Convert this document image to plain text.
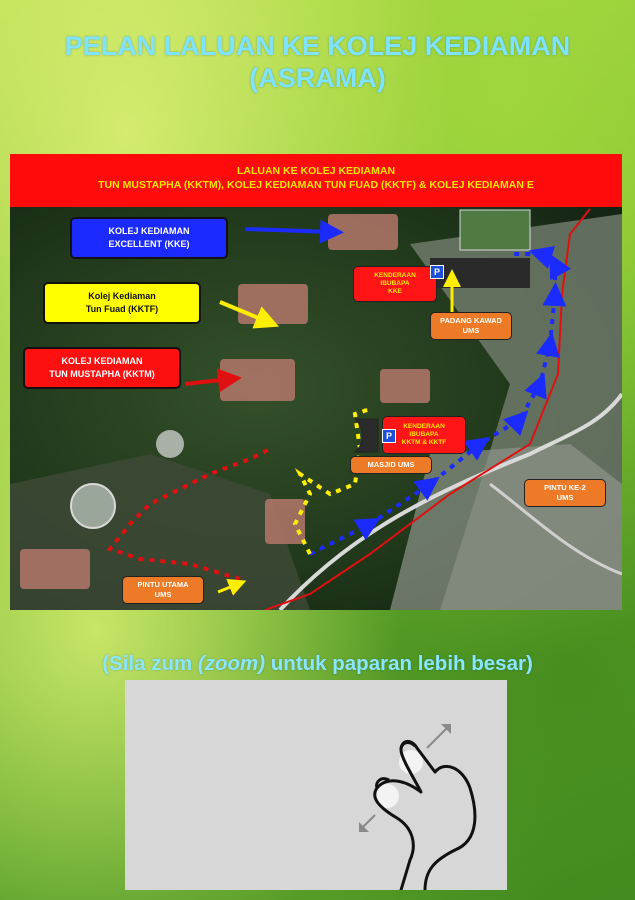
PELAN LALUAN KE KOLEJ KEDIAMAN
(ASRAMA)
LALUAN KE KOLEJ KEDIAMAN
TUN MUSTAPHA (KKTM), KOLEJ KEDIAMAN TUN FUAD (KKTF) & KOLEJ KEDIAMAN E
KOLEJ KEDIAMAN
EXCELLENT (KKE)
Kolej Kediaman
Tun Fuad (KKTF)
KOLEJ KEDIAMAN
TUN MUSTAPHA (KKTM)
KENDERAAN
IBUBAPA
KKE
P
KENDERAAN
IBUBAPA
KKTM & KKTF
P
PADANG KAWAD
UMS
MASJID UMS
PINTU KE-2
UMS
PINTU UTAMA
UMS
(Sila zum (zoom) untuk paparan lebih besar)
